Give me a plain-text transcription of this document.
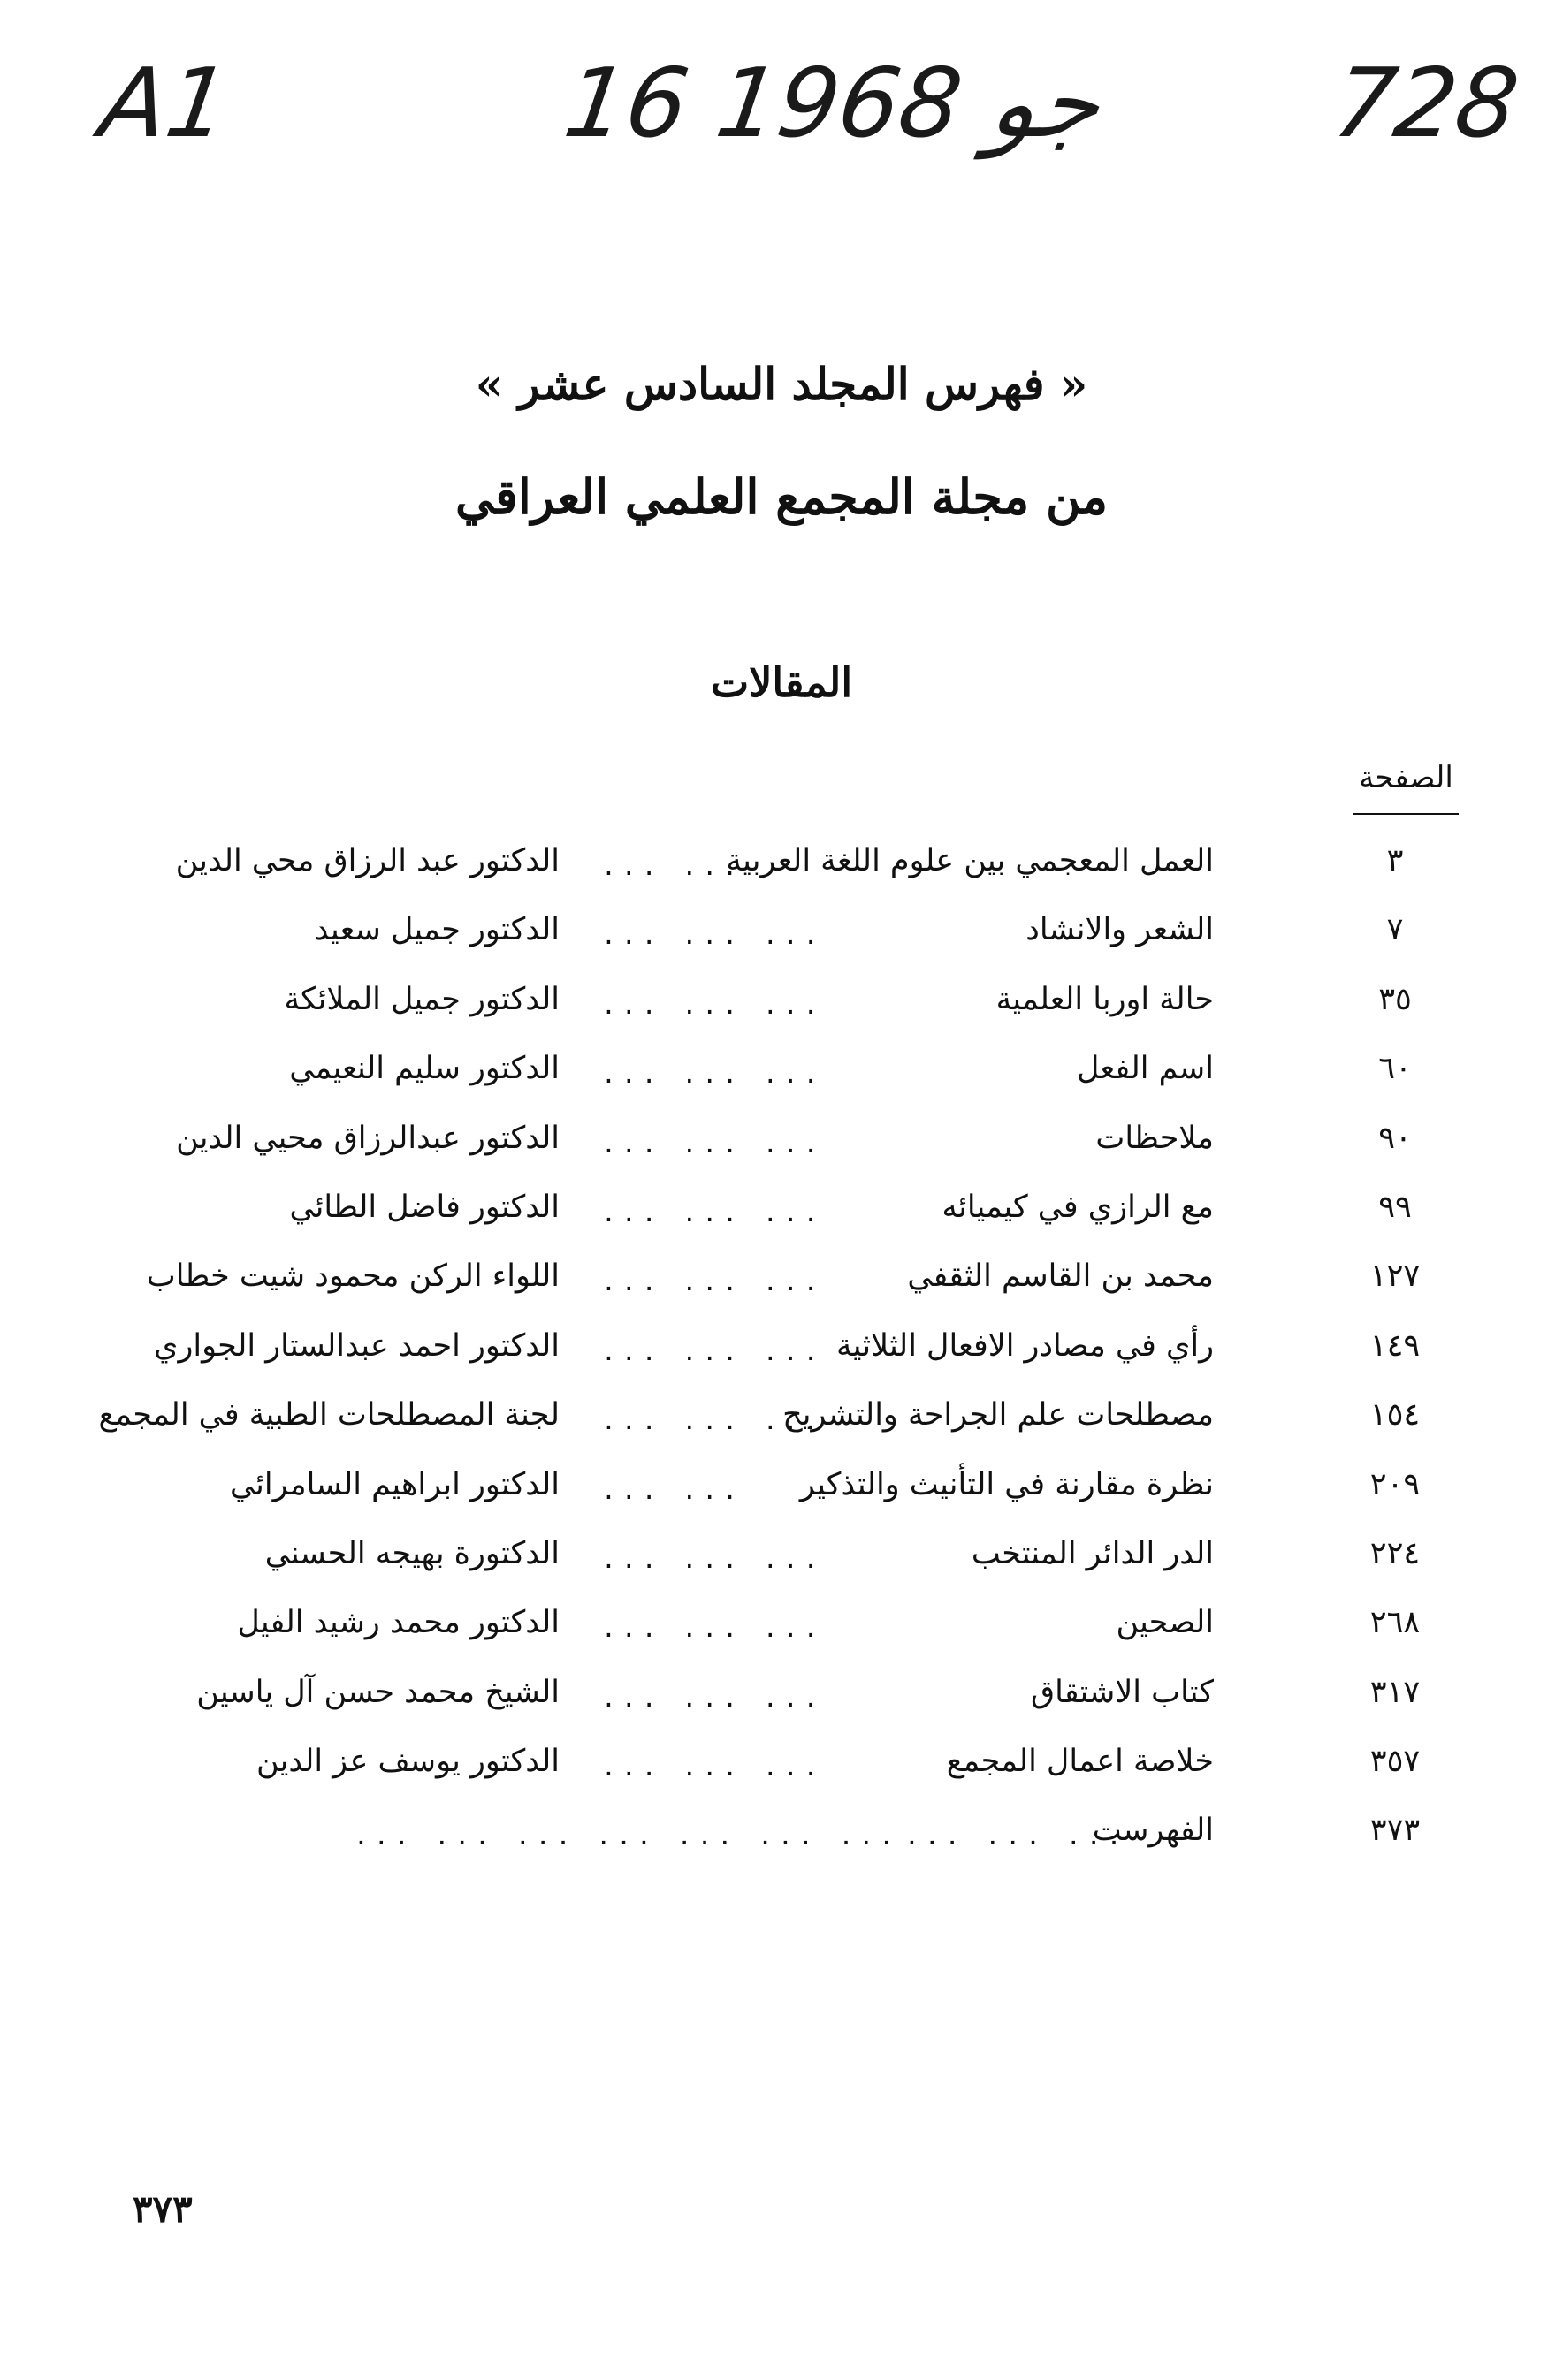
A1	16 جو 1968 728
« فهرس المجلد السادس عشر »
من مجلة المجمع العلمي العراقي
المقالات
الصفحة
٣
العمل المعجمي بين علوم اللغة العربية
... ...
الدكتور عبد الرزاق محي الدين
٧
الشعر والانشاد
... ... ...
الدكتور جميل سعيد
٣٥
حالة اوربا العلمية
... ... ...
الدكتور جميل الملائكة
٦٠
اسم الفعل
... ... ...
الدكتور سليم النعيمي
٩٠
ملاحظات
... ... ...
الدكتور عبدالرزاق محيي الدين
٩٩
مع الرازي في كيميائه
... ... ...
الدكتور فاضل الطائي
١٢٧
محمد بن القاسم الثقفي
... ... ...
اللواء الركن محمود شيت خطاب
١٤٩
رأي في مصادر الافعال الثلاثية
... ... ...
الدكتور احمد عبدالستار الجواري
١٥٤
مصطلحات علم الجراحة والتشريح
... ... ...
لجنة المصطلحات الطبية في المجمع
٢٠٩
نظرة مقارنة في التأنيث والتذكير
... ...
الدكتور ابراهيم السامرائي
٢٢٤
الدر الدائر المنتخب
... ... ...
الدكتورة بهيجه الحسني
٢٦٨
الصحين
... ... ...
الدكتور محمد رشيد الفيل
٣١٧
كتاب الاشتقاق
... ... ...
الشيخ محمد حسن آل ياسين
٣٥٧
خلاصة اعمال المجمع
... ... ...
الدكتور يوسف عز الدين
٣٧٣
الفهرست
... ... ...
... ... ... ... ... ... ...
٣٧٣
